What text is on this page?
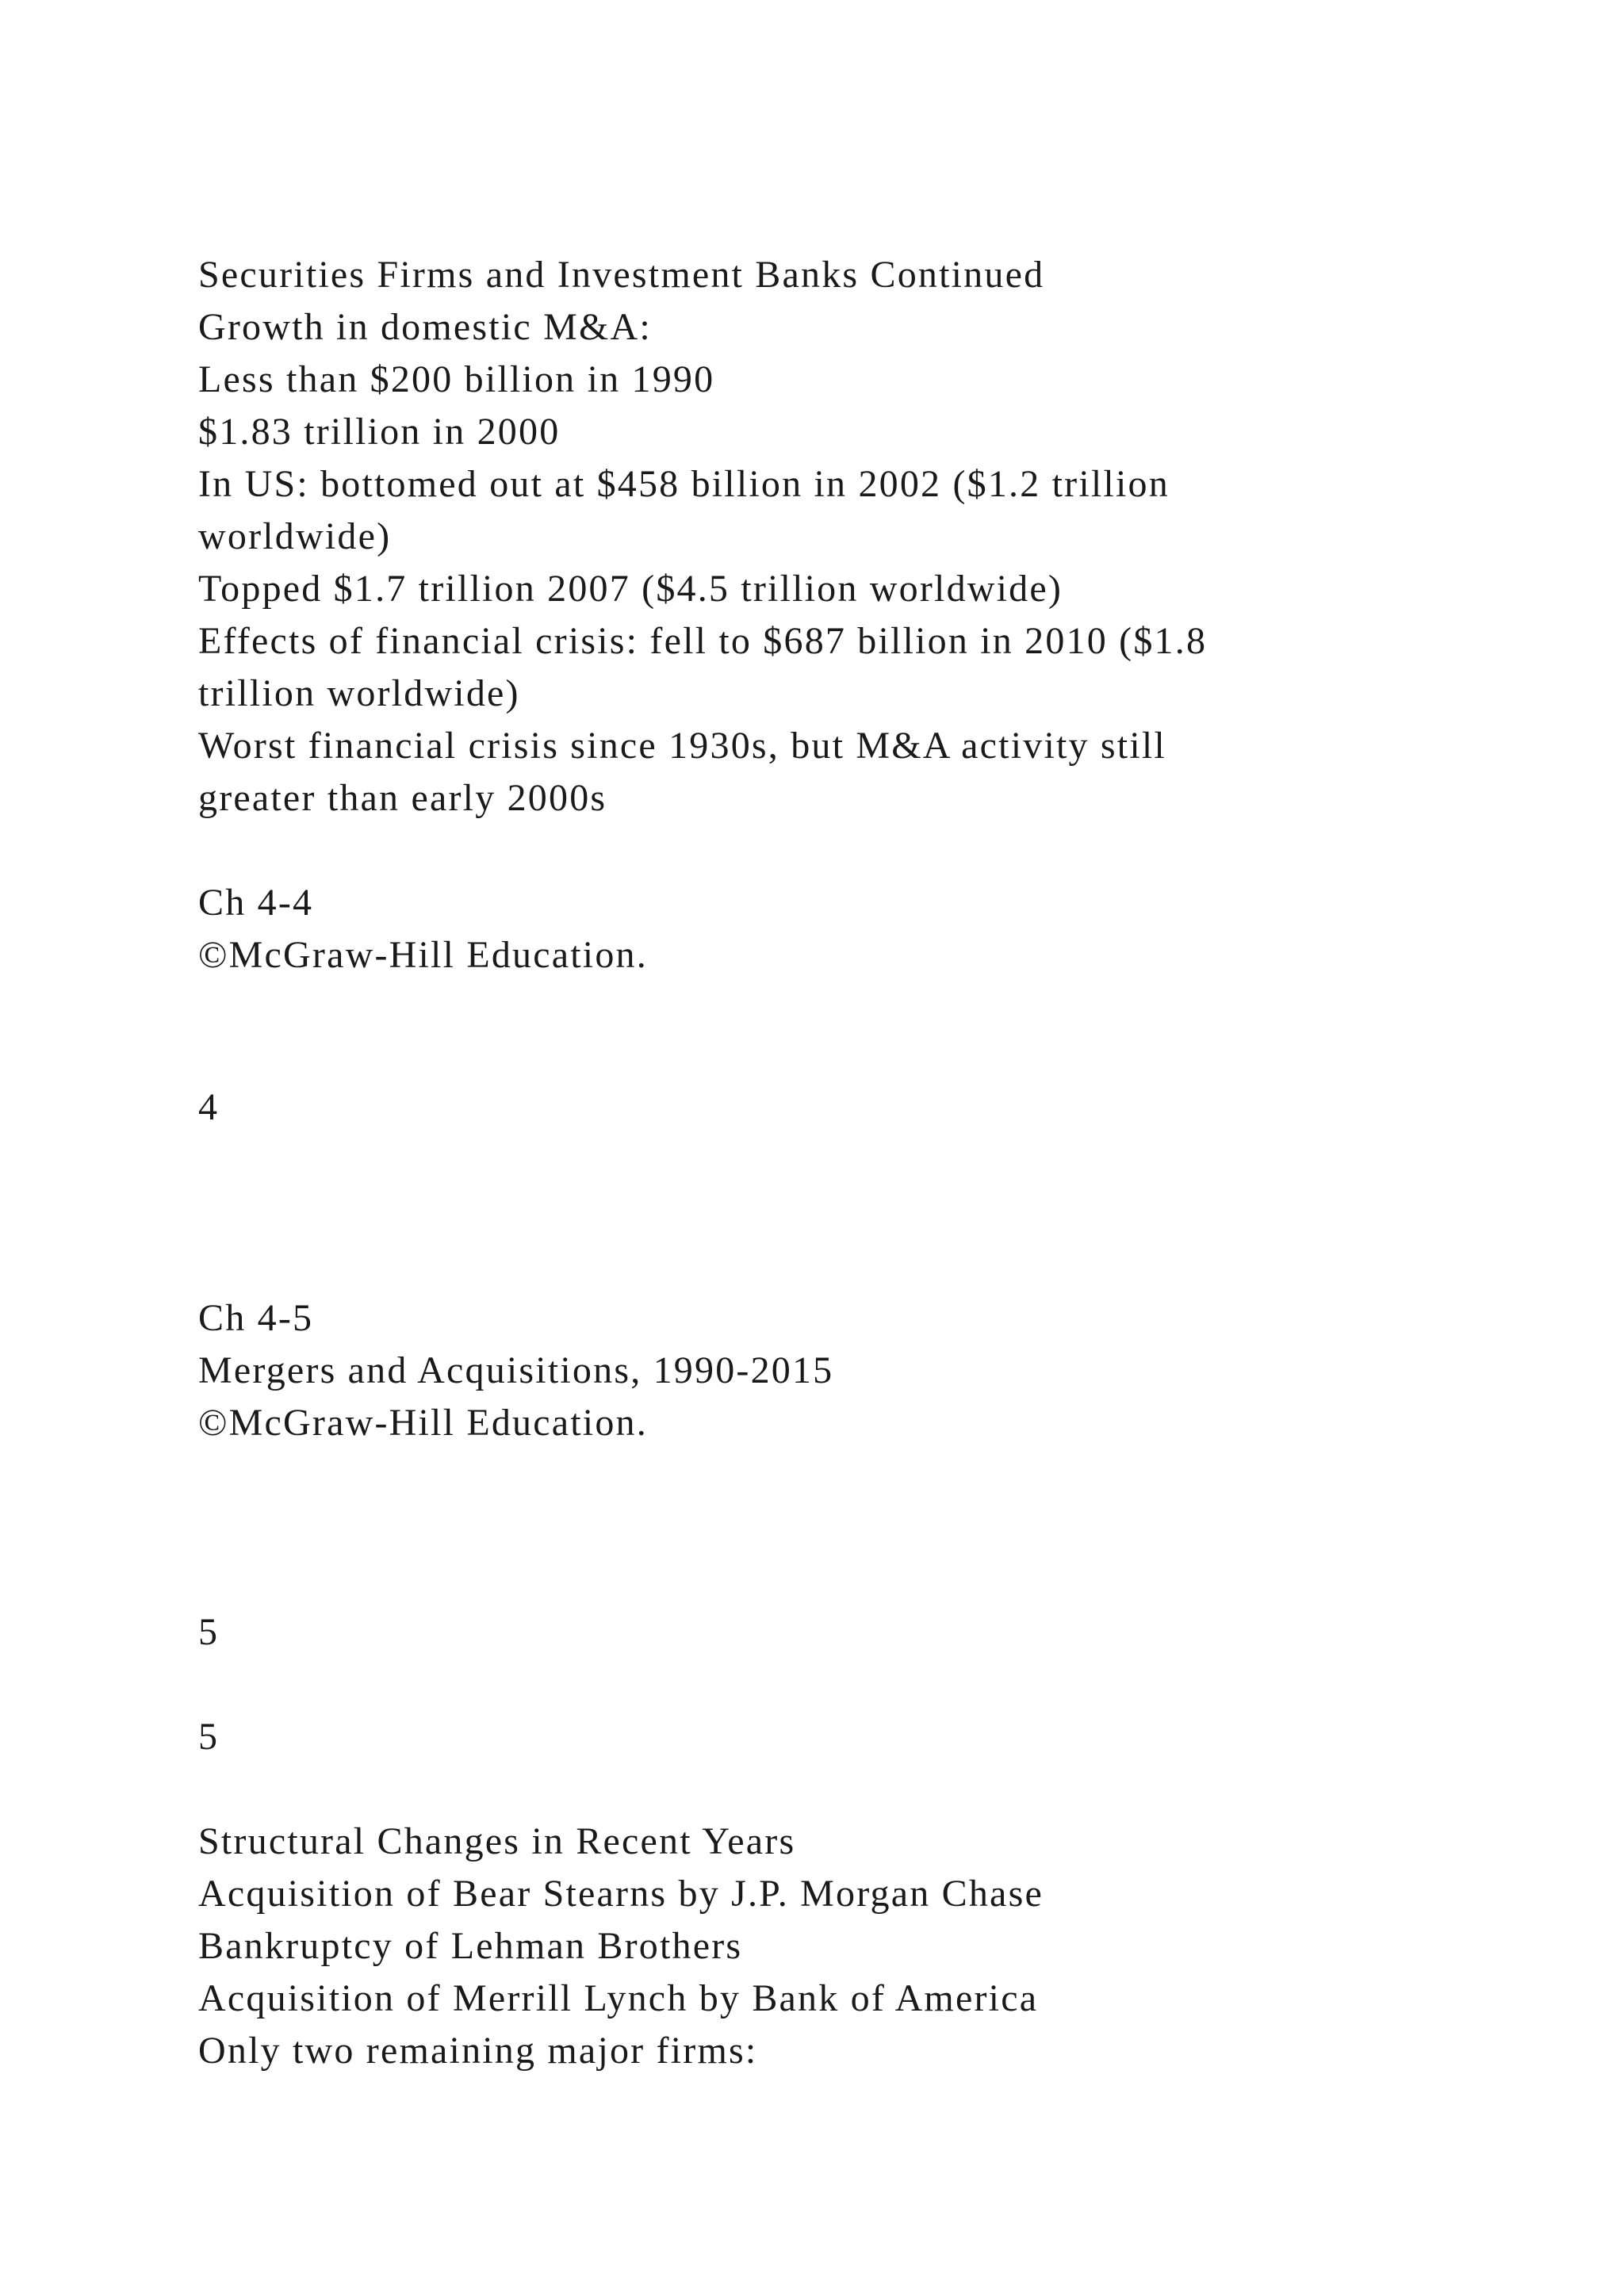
Securities Firms and Investment Banks Continued

Growth in domestic M&A:

Less than $200 billion in 1990

$1.83 trillion in 2000

In US: bottomed out at $458 billion in 2002 ($1.2 trillion

worldwide)

Topped $1.7 trillion 2007 ($4.5 trillion worldwide)

Effects of financial crisis: fell to $687 billion in 2010 ($1.8

trillion worldwide)

Worst financial crisis since 1930s, but M&A activity still

greater than early 2000s

Ch 4-4

©McGraw-Hill Education.

4

Ch 4-5

Mergers and Acquisitions, 1990-2015

©McGraw-Hill Education.

5

5

Structural Changes in Recent Years

Acquisition of Bear Stearns by J.P. Morgan Chase

Bankruptcy of Lehman Brothers

Acquisition of Merrill Lynch by Bank of America

Only two remaining major firms:
